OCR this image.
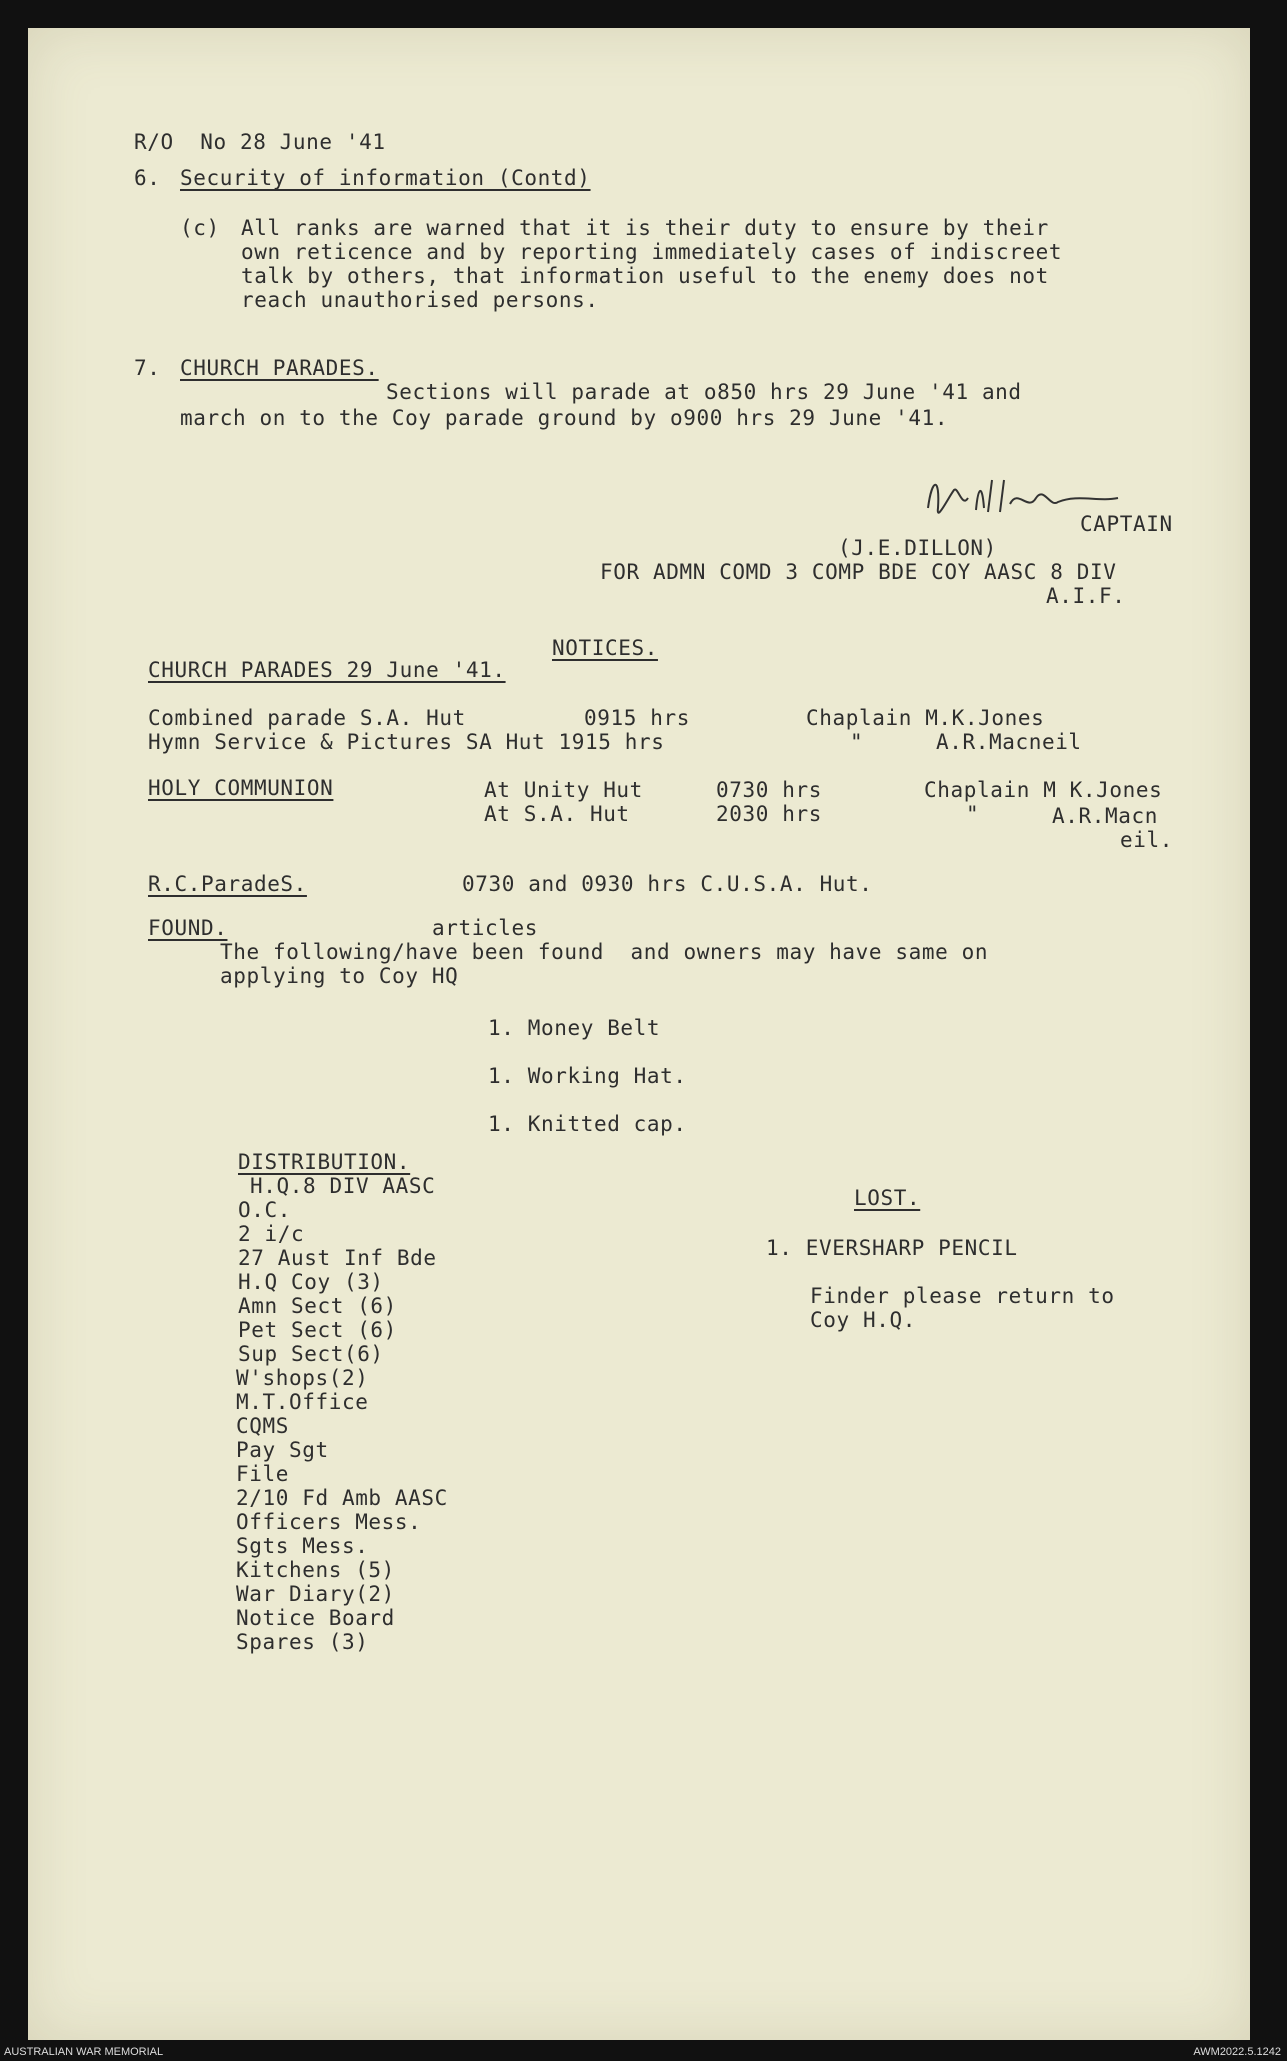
R/O  No 28 June '41
6. Security of information (Contd)
(c) All ranks are warned that it is their duty to ensure by their
own reticence and by reporting immediately cases of indiscreet
talk by others, that information useful to the enemy does not
reach unauthorised persons.
7. CHURCH PARADES.
Sections will parade at o850 hrs 29 June '41 and
march on to the Coy parade ground by o900 hrs 29 June '41.
CAPTAIN
(J.E.DILLON)
FOR ADMN COMD 3 COMP BDE COY AASC 8 DIV
A.I.F.
NOTICES.
CHURCH PARADES 29 June '41.
Combined parade S.A. Hut	0915 hrs	Chaplain M.K.Jones
Hymn Service & Pictures SA Hut 1915 hrs	"	A.R.Macneil
HOLY COMMUNION	At Unity Hut	0730 hrs	Chaplain M K.Jones
At S.A. Hut	2030 hrs	"	A.R.Macn
eil.
R.C.ParadeS.	0730 and 0930 hrs C.U.S.A. Hut.
FOUND.	articles
The following/have been found  and owners may have same on
applying to Coy HQ
1. Money Belt
1. Working Hat.
1. Knitted cap.
DISTRIBUTION.
H.Q.8 DIV AASC
O.C.
2 i/c
27 Aust Inf Bde
H.Q Coy (3)
Amn Sect (6)
Pet Sect (6)
Sup Sect(6)
W'shops(2)
M.T.Office
CQMS
Pay Sgt
File
2/10 Fd Amb AASC
Officers Mess.
Sgts Mess.
Kitchens (5)
War Diary(2)
Notice Board
Spares (3)
LOST.
1. EVERSHARP PENCIL
Finder please return to
Coy H.Q.
AUSTRALIAN WAR MEMORIAL	AWM2022.5.1242
